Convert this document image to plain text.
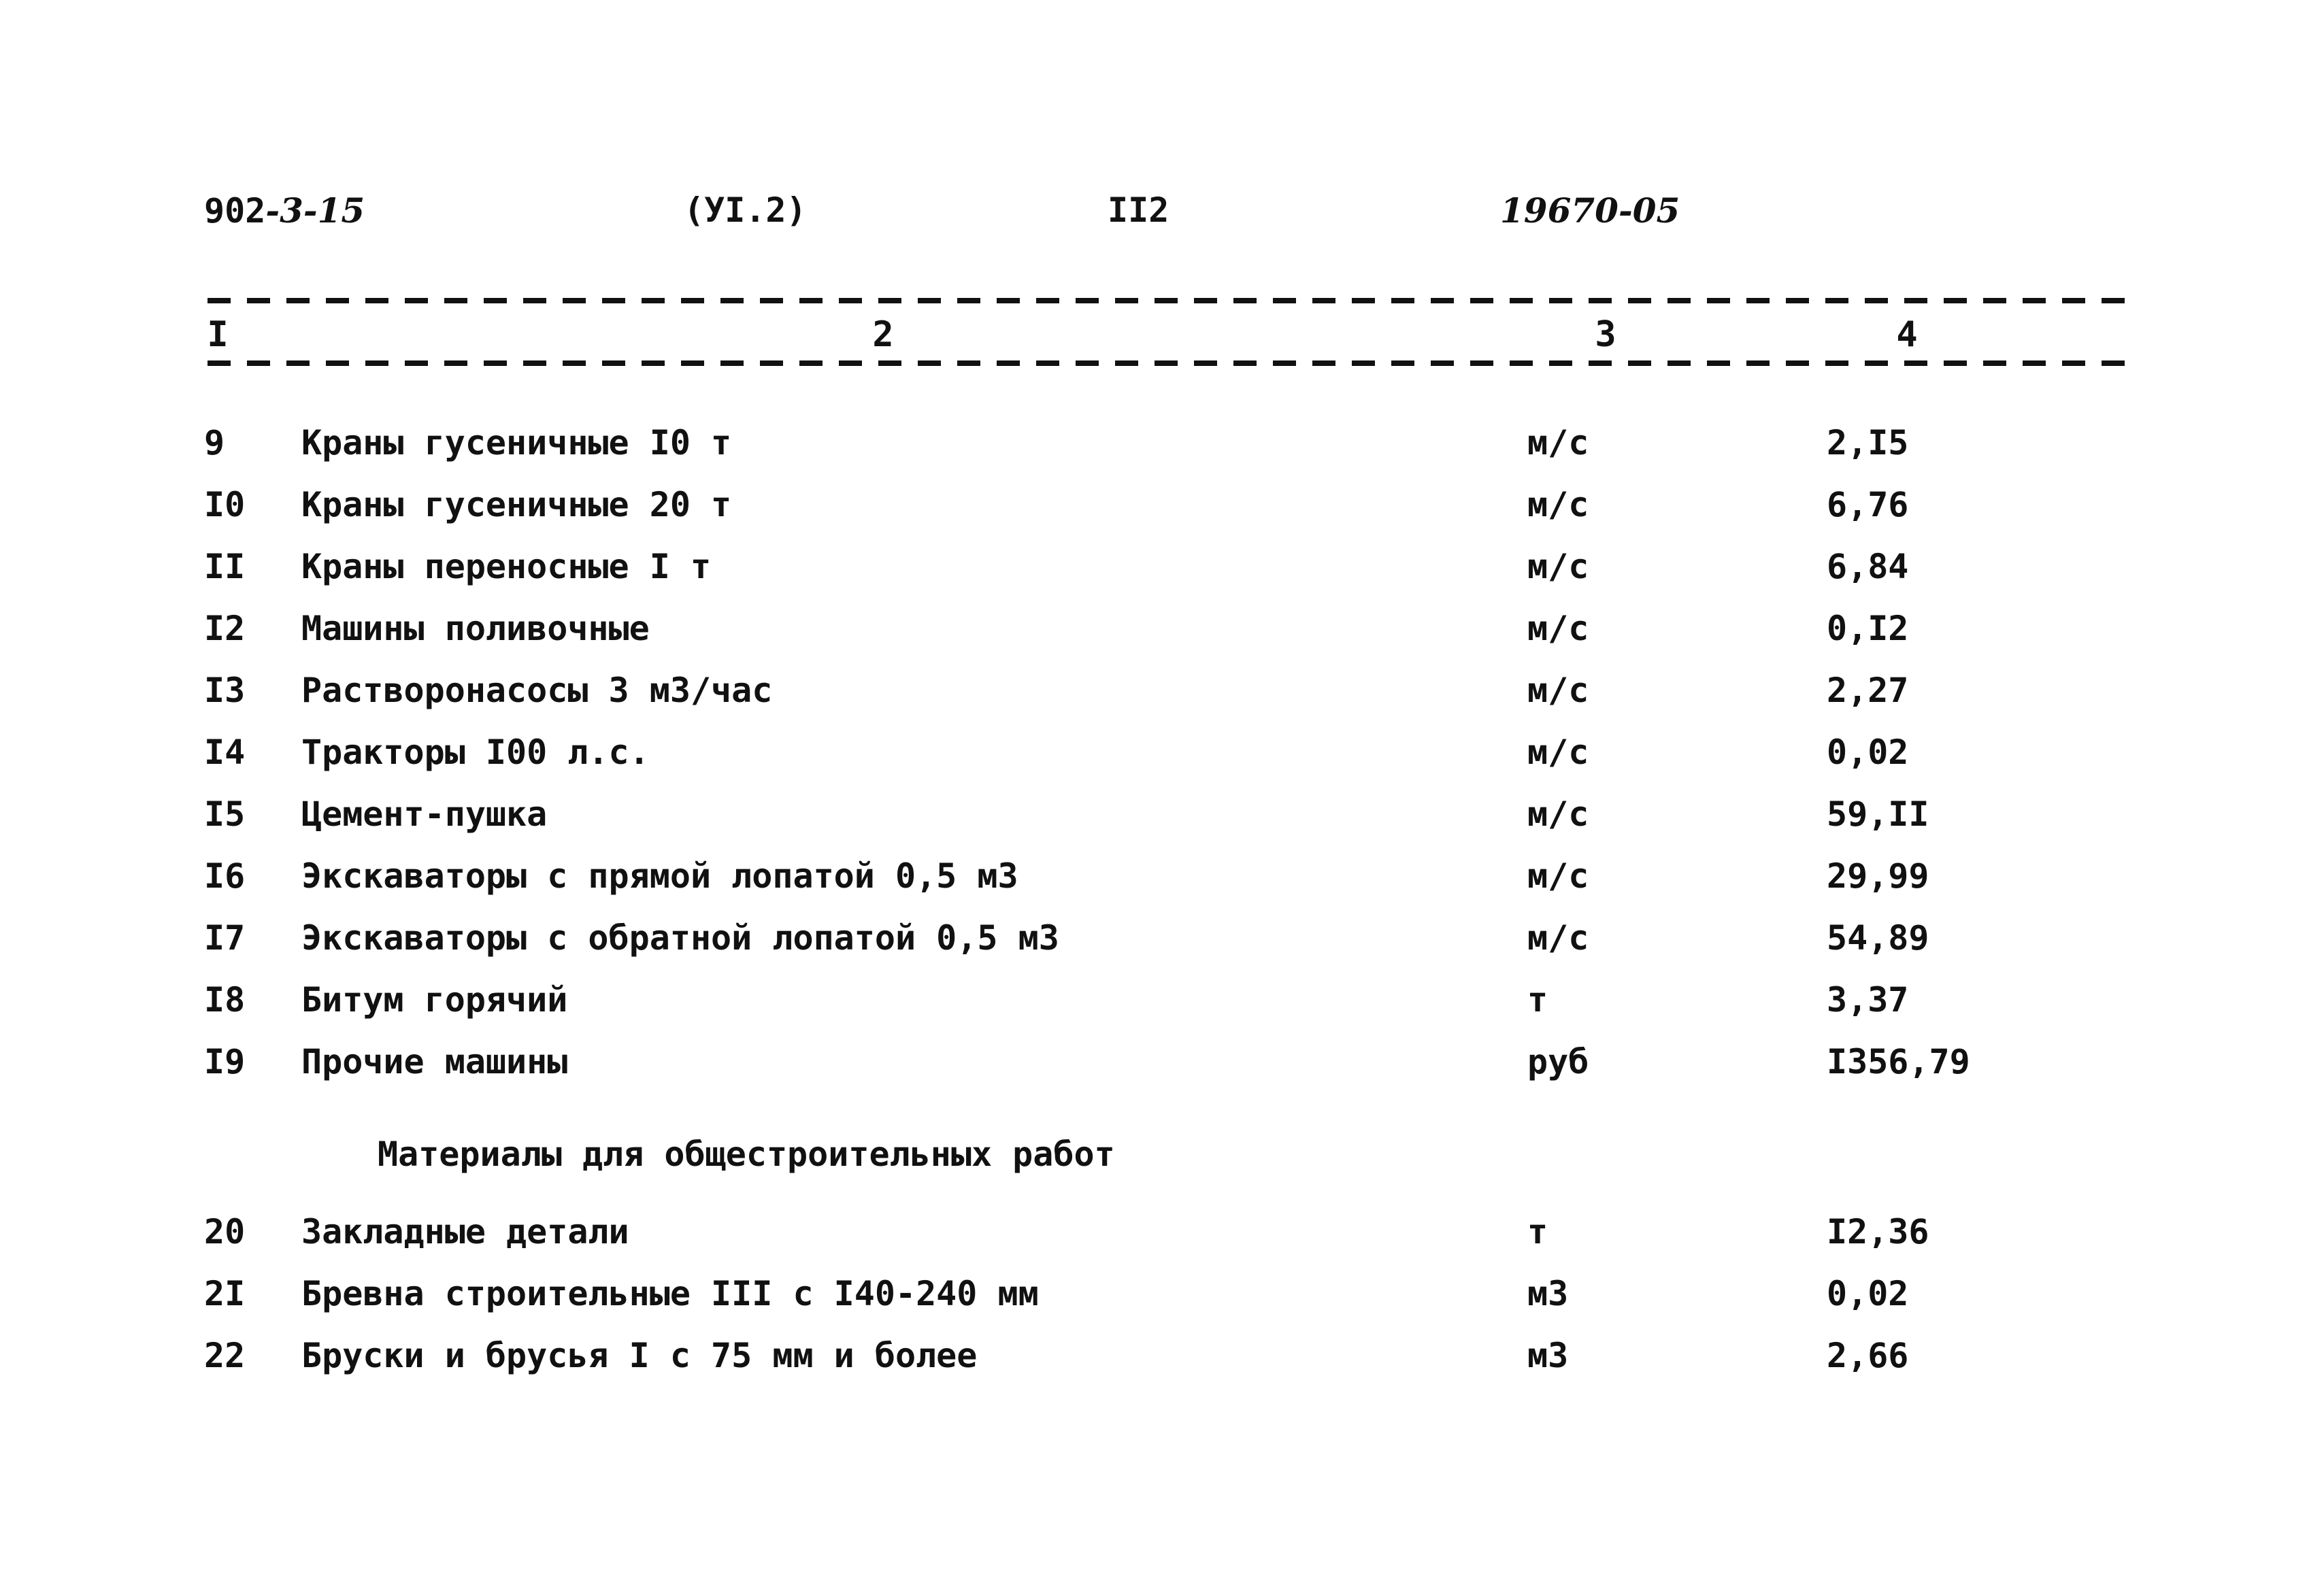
902-3-15	(УI.2)	II2	19670-05
I	2	3	4
9 Краны гусеничные I0 т	м/с	2,I5
I0 Краны гусеничные 20 т	м/с	6,76
II Краны переносные I т	м/с	6,84
I2 Машины поливочные	м/с	0,I2
I3 Растворонасосы 3 м3/час	м/с	2,27
I4 Тракторы I00 л.с.	м/с	0,02
I5 Цемент-пушка	м/с	59,II
I6 Экскаваторы с прямой лопатой 0,5 м3	м/с	29,99
I7 Экскаваторы с обратной лопатой 0,5 м3	м/с	54,89
I8 Битум горячий	т	3,37
I9 Прочие машины	руб	I356,79
Материалы для общестроительных работ
20 Закладные детали	т	I2,36
2I Бревна строительные III с I40-240 мм	м3	0,02
22 Бруски и брусья I с 75 мм и более	м3	2,66
